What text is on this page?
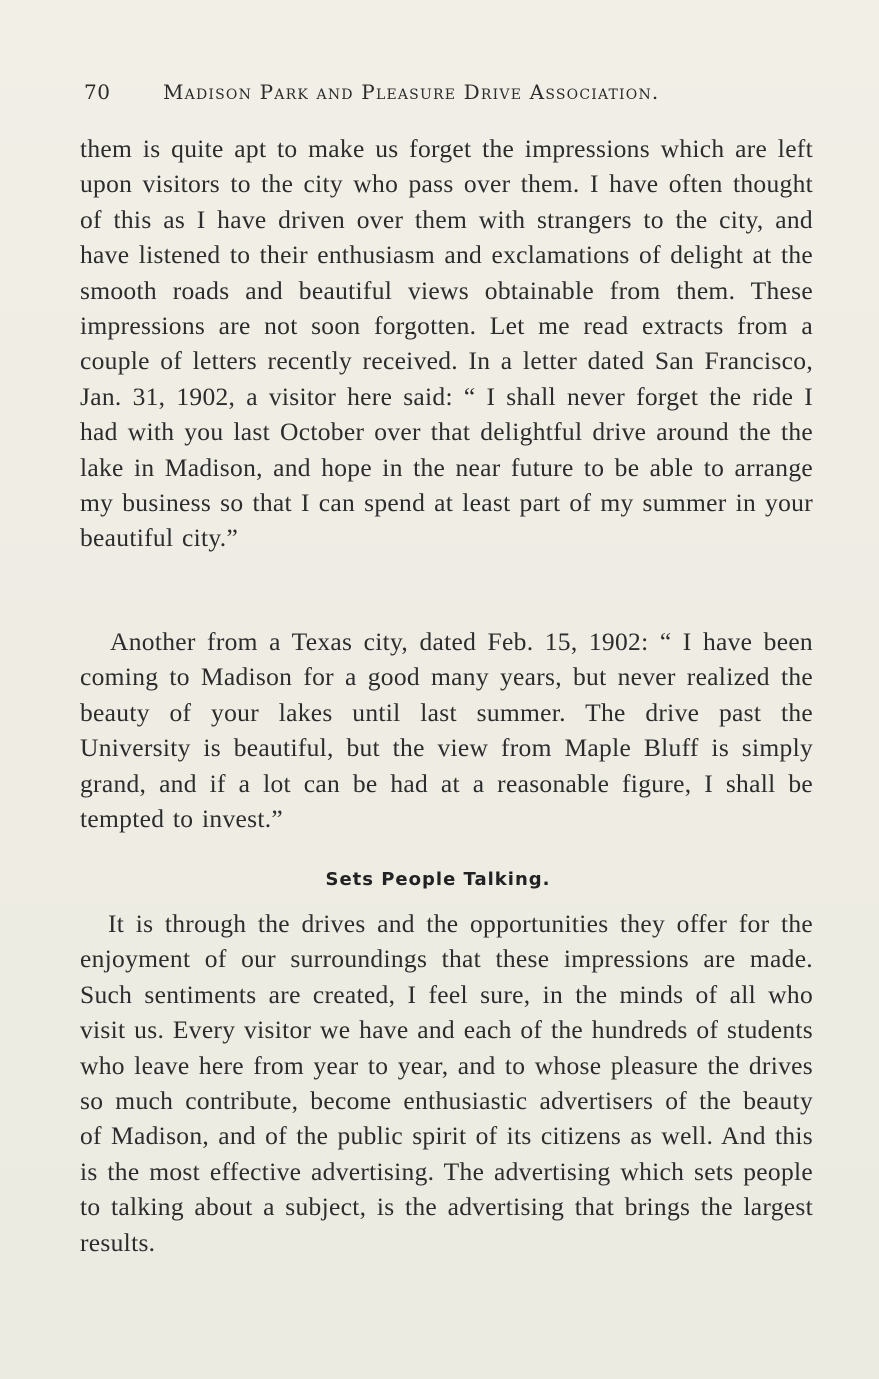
70	Madison Park and Pleasure Drive Association.

them is quite apt to make us forget the impressions which are left upon visitors to the city who pass over them. I have often thought of this as I have driven over them with strangers to the city, and have listened to their enthusiasm and exclamations of delight at the smooth roads and beautiful views obtainable from them. These impressions are not soon forgotten. Let me read extracts from a couple of letters recently received. In a letter dated San Francisco, Jan. 31, 1902, a visitor here said: “ I shall never forget the ride I had with you last October over that delightful drive around the the lake in Madison, and hope in the near future to be able to arrange my business so that I can spend at least part of my summer in your beautiful city.”

Another from a Texas city, dated Feb. 15, 1902: “ I have been coming to Madison for a good many years, but never realized the beauty of your lakes until last summer. The drive past the University is beautiful, but the view from Maple Bluff is simply grand, and if a lot can be had at a reasonable figure, I shall be tempted to invest.”

Sets People Talking.

It is through the drives and the opportunities they offer for the enjoyment of our surroundings that these impressions are made. Such sentiments are created, I feel sure, in the minds of all who visit us. Every visitor we have and each of the hundreds of students who leave here from year to year, and to whose pleasure the drives so much contribute, become enthusiastic advertisers of the beauty of Madison, and of the public spirit of its citizens as well. And this is the most effective advertising. The advertising which sets people to talking about a subject, is the advertising that brings the largest results.
